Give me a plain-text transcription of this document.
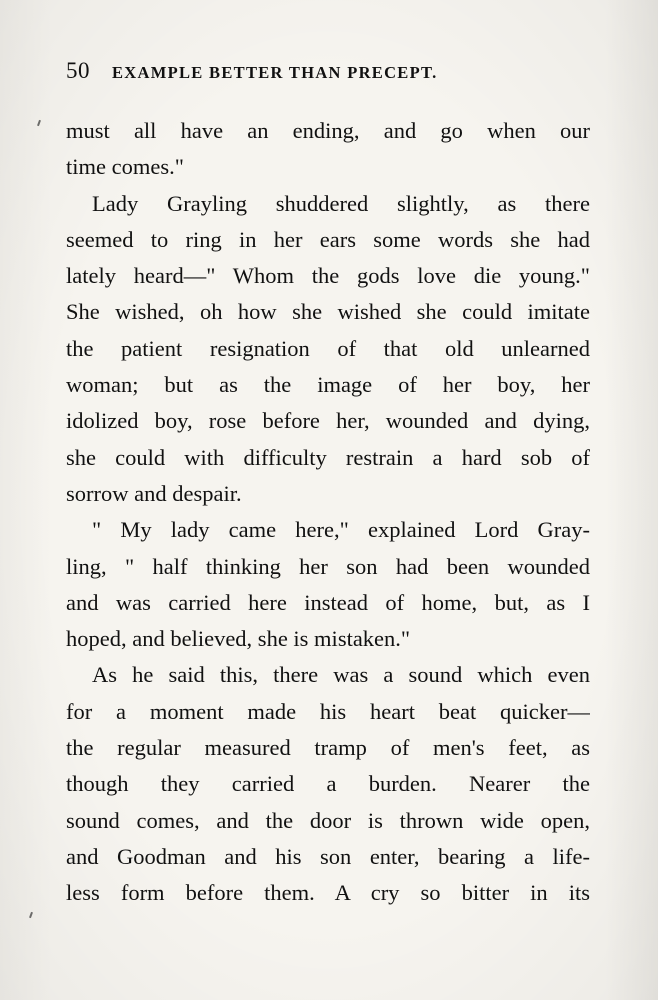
50 EXAMPLE BETTER THAN PRECEPT.
must all have an ending, and go when our
time comes."
Lady Grayling shuddered slightly, as there
seemed to ring in her ears some words she had
lately heard—" Whom the gods love die young."
She wished, oh how she wished she could imitate
the patient resignation of that old unlearned
woman; but as the image of her boy, her
idolized boy, rose before her, wounded and dying,
she could with difficulty restrain a hard sob of
sorrow and despair.
" My lady came here," explained Lord Gray-
ling, " half thinking her son had been wounded
and was carried here instead of home, but, as I
hoped, and believed, she is mistaken."
As he said this, there was a sound which even
for a moment made his heart beat quicker—
the regular measured tramp of men's feet, as
though they carried a burden. Nearer the
sound comes, and the door is thrown wide open,
and Goodman and his son enter, bearing a life-
less form before them. A cry so bitter in its
